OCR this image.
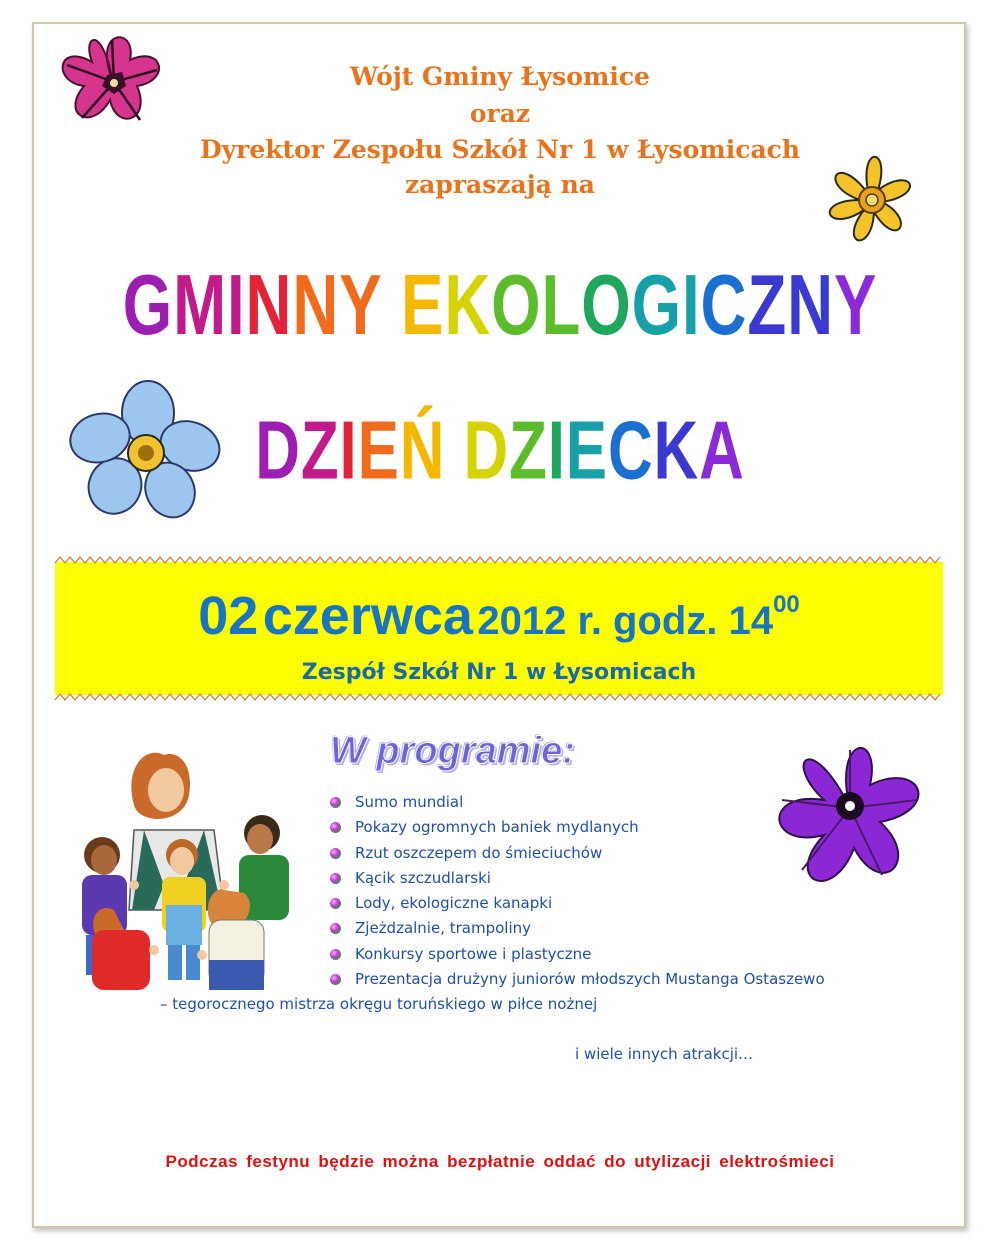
Wójt Gminy Łysomice
oraz
Dyrektor Zespołu Szkół Nr 1 w Łysomicach
zapraszają na
GMINNY EKOLOGICZNY
DZIEŃ DZIECKA
02 czerwca 2012 r. godz. 1400
Zespół Szkół Nr 1 w Łysomicach
W programie:
Sumo mundial
Pokazy ogromnych baniek mydlanych
Rzut oszczepem do śmieciuchów
Kącik szczudlarski
Lody, ekologiczne kanapki
Zjeżdzalnie, trampoliny
Konkursy sportowe i plastyczne
Prezentacja drużyny juniorów młodszych Mustanga Ostaszewo
– tegorocznego mistrza okręgu toruńskiego w piłce nożnej
i wiele innych atrakcji…
Podczas festynu będzie można bezpłatnie oddać do utylizacji elektrośmieci
